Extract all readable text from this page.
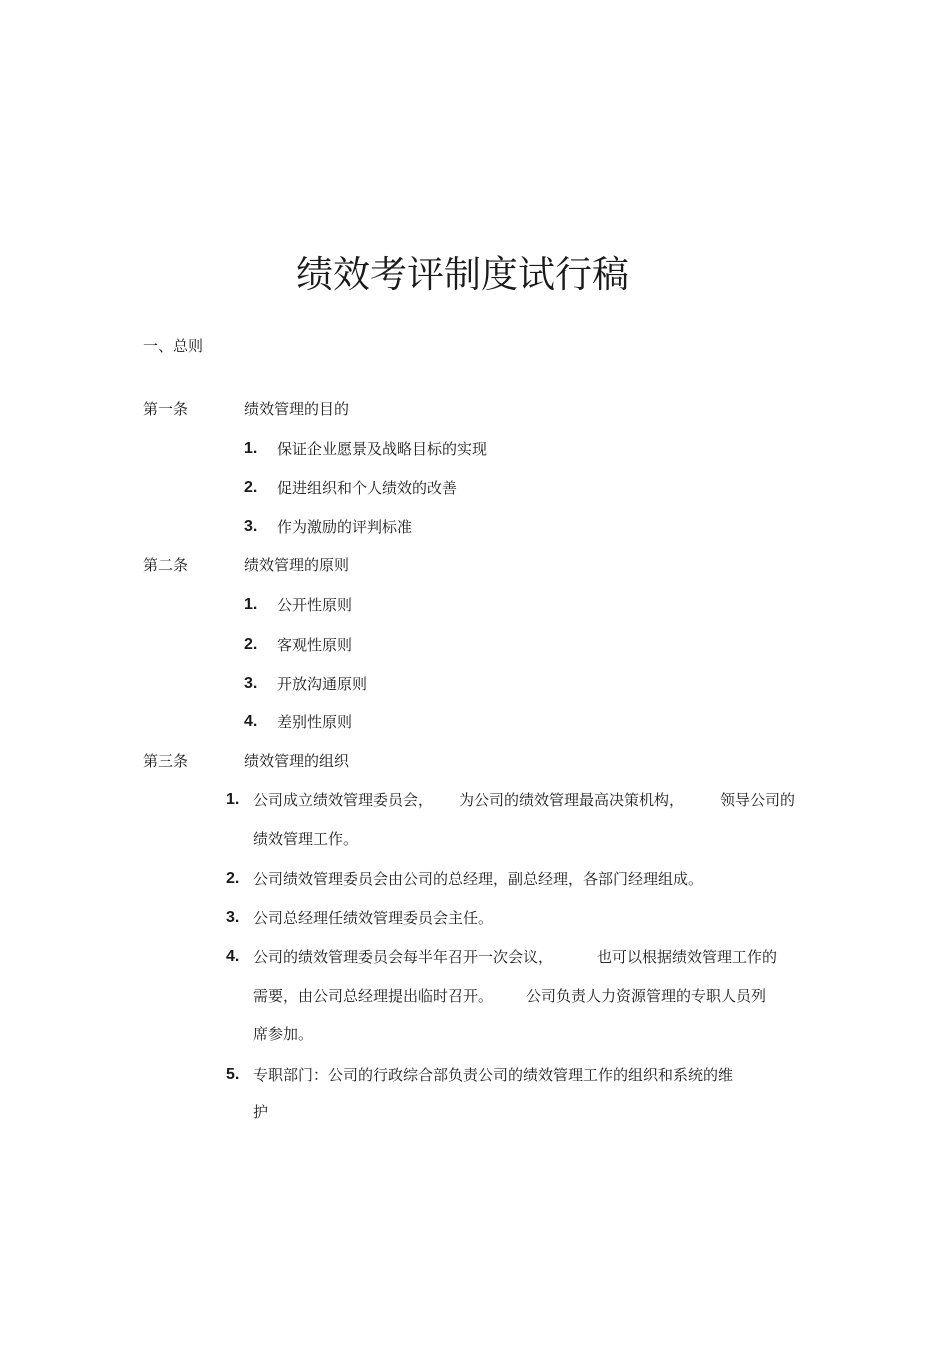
绩效考评制度试行稿
一、总则
第一条	绩效管理的目的
1. 保证企业愿景及战略目标的实现
2. 促进组织和个人绩效的改善
3. 作为激励的评判标准
第二条	绩效管理的原则
1. 公开性原则
2. 客观性原则
3. 开放沟通原则
4. 差别性原则
第三条	绩效管理的组织
1. 公司成立绩效管理委员会， 为公司的绩效管理最高决策机构， 领导公司的
绩效管理工作。
2. 公司绩效管理委员会由公司的总经理，副总经理，各部门经理组成。
3. 公司总经理任绩效管理委员会主任。
4. 公司的绩效管理委员会每半年召开一次会议，	也可以根据绩效管理工作的
需要，由公司总经理提出临时召开。 公司负责人力资源管理的专职人员列
席参加。
5. 专职部门：公司的行政综合部负责公司的绩效管理工作的组织和系统的维
护
